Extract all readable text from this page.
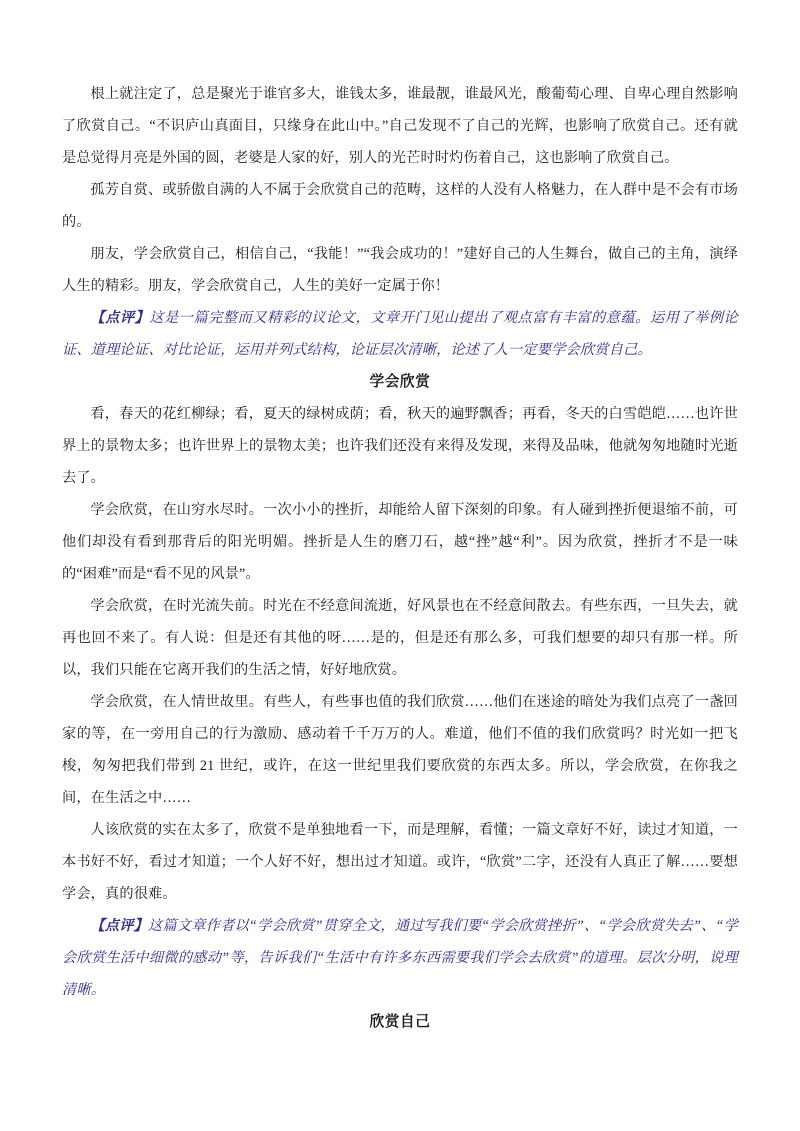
根上就注定了，总是聚光于谁官多大，谁钱太多，谁最靓，谁最风光，酸葡萄心理、自卑心理自然影响了欣赏自己。“不识庐山真面目，只缘身在此山中。”自己发现不了自己的光辉，也影响了欣赏自己。还有就是总觉得月亮是外国的圆，老婆是人家的好，别人的光芒时时灼伤着自己，这也影响了欣赏自己。

孤芳自赏、或骄傲自满的人不属于会欣赏自己的范畴，这样的人没有人格魅力，在人群中是不会有市场的。

朋友，学会欣赏自己，相信自己，“我能！”“我会成功的！”建好自己的人生舞台，做自己的主角，演绎人生的精彩。朋友，学会欣赏自己，人生的美好一定属于你！

【点评】这是一篇完整而又精彩的议论文，文章开门见山提出了观点富有丰富的意蕴。运用了举例论证、道理论证、对比论证，运用并列式结构，论证层次清晰，论述了人一定要学会欣赏自己。

学会欣赏

看，春天的花红柳绿；看，夏天的绿树成荫；看，秋天的遍野飘香；再看，冬天的白雪皑皑……也许世界上的景物太多；也许世界上的景物太美；也许我们还没有来得及发现，来得及品味，他就匆匆地随时光逝去了。

学会欣赏，在山穷水尽时。一次小小的挫折，却能给人留下深刻的印象。有人碰到挫折便退缩不前，可他们却没有看到那背后的阳光明媚。挫折是人生的磨刀石，越“挫”越“利”。因为欣赏，挫折才不是一味的“困难”而是“看不见的风景”。

学会欣赏，在时光流失前。时光在不经意间流逝，好风景也在不经意间散去。有些东西，一旦失去，就再也回不来了。有人说：但是还有其他的呀……是的，但是还有那么多，可我们想要的却只有那一样。所以，我们只能在它离开我们的生活之情，好好地欣赏。

学会欣赏，在人情世故里。有些人，有些事也值的我们欣赏……他们在迷途的暗处为我们点亮了一盏回家的等，在一旁用自己的行为激励、感动着千千万万的人。难道，他们不值的我们欣赏吗？时光如一把飞梭，匆匆把我们带到 21 世纪，或许，在这一世纪里我们要欣赏的东西太多。所以，学会欣赏，在你我之间，在生活之中……

人该欣赏的实在太多了，欣赏不是单独地看一下，而是理解，看懂；一篇文章好不好，读过才知道，一本书好不好，看过才知道；一个人好不好，想出过才知道。或许，“欣赏”二字，还没有人真正了解……要想学会，真的很难。

【点评】这篇文章作者以“学会欣赏”贯穿全文，通过写我们要“学会欣赏挫折”、“学会欣赏失去”、“学会欣赏生活中细微的感动”等，告诉我们“生活中有许多东西需要我们学会去欣赏”的道理。层次分明，说理清晰。

欣赏自己
